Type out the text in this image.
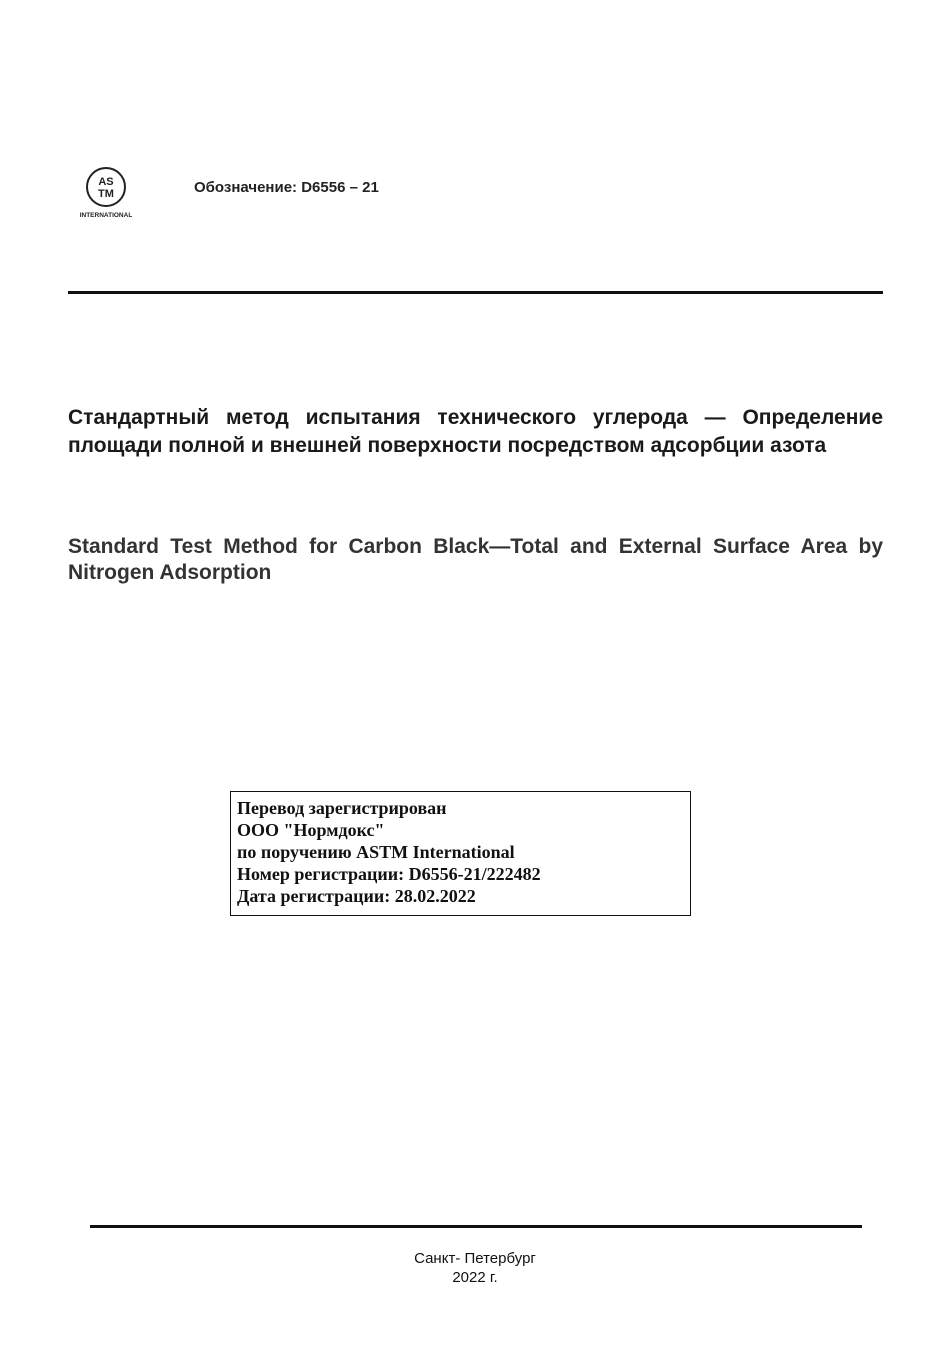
AS
TM
INTERNATIONAL
Обозначение: D6556 – 21
Стандартный метод испытания технического углерода — Определение площади полной и внешней поверхности посредством адсорбции азота
Standard Test Method for Carbon Black—Total and External Surface Area by Nitrogen Adsorption
Перевод зарегистрирован
ООО "Нормдокс"
по поручению ASTM International
Номер регистрации: D6556-21/222482
Дата регистрации: 28.02.2022
Санкт- Петербург
2022 г.
